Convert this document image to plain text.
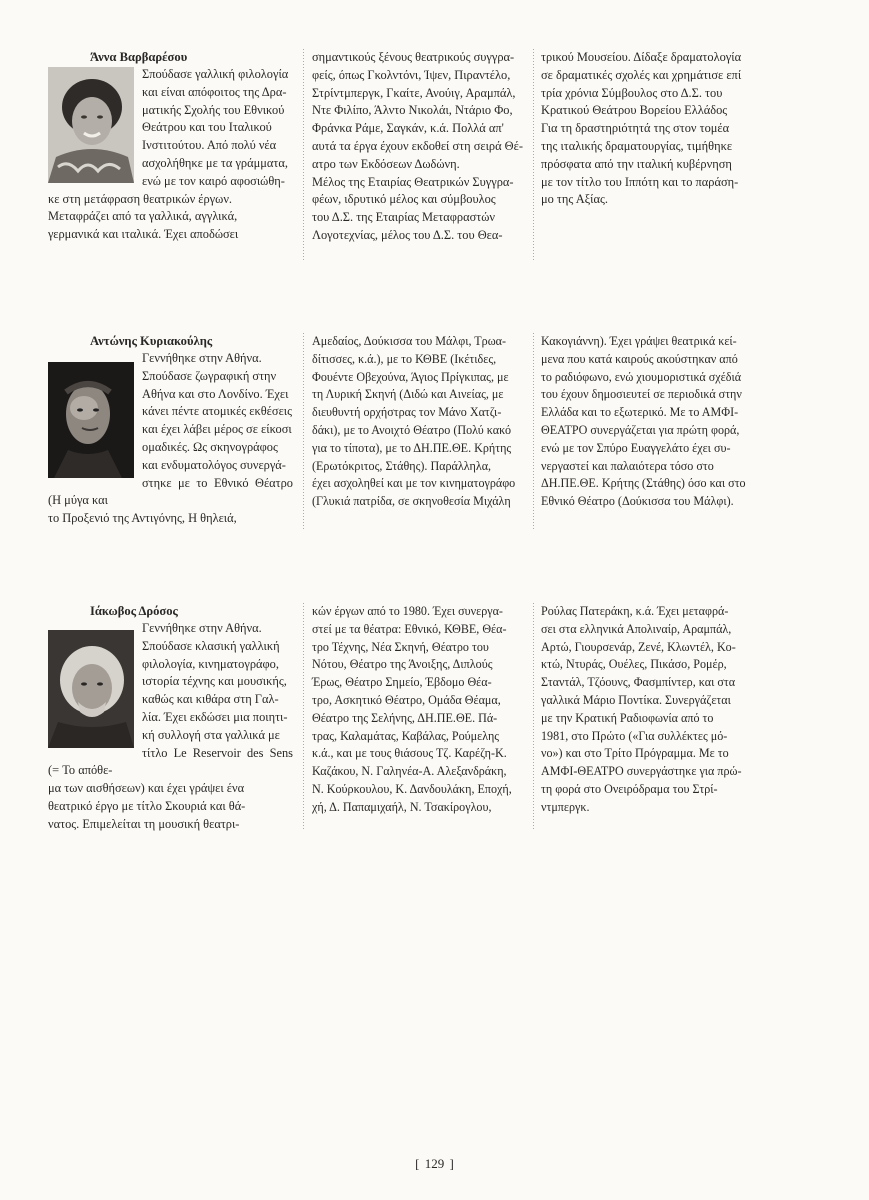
Άννα Βαρβαρέσου

Σπούδασε γαλλική φιλολογία

και είναι απόφοιτος της Δρα-

ματικής Σχολής του Εθνικού

Θεάτρου και του Ιταλικού

Ινστιτούτου. Από πολύ νέα

ασχολήθηκε με τα γράμματα,

ενώ με τον καιρό αφοσιώθη-

κε στη μετάφραση θεατρικών έργων.

Μεταφράζει από τα γαλλικά, αγγλικά,

γερμανικά και ιταλικά. Έχει αποδώσει

σημαντικούς ξένους θεατρικούς συγγρα-

φείς, όπως Γκολντόνι, Ίψεν, Πιραντέλο,

Στρίντμπεργκ, Γκαίτε, Ανούιγ, Αραμπάλ,

Ντε Φιλίπο, Άλντο Νικολάι, Ντάριο Φο,

Φράνκα Ράμε, Σαγκάν, κ.ά. Πολλά απ'

αυτά τα έργα έχουν εκδοθεί στη σειρά Θέ-

ατρο των Εκδόσεων Δωδώνη.

Μέλος της Εταιρίας Θεατρικών Συγγρα-

φέων, ιδρυτικό μέλος και σύμβουλος

του Δ.Σ. της Εταιρίας Μεταφραστών

Λογοτεχνίας, μέλος του Δ.Σ. του Θεα-

τρικού Μουσείου. Δίδαξε δραματολογία

σε δραματικές σχολές και χρημάτισε επί

τρία χρόνια Σύμβουλος στο Δ.Σ. του

Κρατικού Θεάτρου Βορείου Ελλάδος

Για τη δραστηριότητά της στον τομέα

της ιταλικής δραματουργίας, τιμήθηκε

πρόσφατα από την ιταλική κυβέρνηση

με τον τίτλο του Ιππότη και το παράση-

μο της Αξίας.

Αντώνης Κυριακούλης

Γεννήθηκε στην Αθήνα.

Σπούδασε ζωγραφική στην

Αθήνα και στο Λονδίνο. Έχει

κάνει πέντε ατομικές εκθέσεις

και έχει λάβει μέρος σε είκοσι

ομαδικές. Ως σκηνογράφος

και ενδυματολόγος συνεργά-

στηκε με το Εθνικό Θέατρο (Η μύγα και

το Προξενιό της Αντιγόνης, Η θηλειά,

Αμεδαίος, Δούκισσα του Μάλφι, Τρωα-

δίτισσες, κ.ά.), με το ΚΘΒΕ (Ικέτιδες,

Φουέντε Οβεχούνα, Άγιος Πρίγκιπας, με

τη Λυρική Σκηνή (Διδώ και Αινείας, με

διευθυντή ορχήστρας τον Μάνο Χατζι-

δάκι), με το Ανοιχτό Θέατρο (Πολύ κακό

για το τίποτα), με το ΔΗ.ΠΕ.ΘΕ. Κρήτης

(Ερωτόκριτος, Στάθης). Παράλληλα,

έχει ασχοληθεί και με τον κινηματογράφο

(Γλυκιά πατρίδα, σε σκηνοθεσία Μιχάλη

Κακογιάννη). Έχει γράψει θεατρικά κεί-

μενα που κατά καιρούς ακούστηκαν από

το ραδιόφωνο, ενώ χιουμοριστικά σχέδιά

του έχουν δημοσιευτεί σε περιοδικά στην

Ελλάδα και το εξωτερικό. Με το ΑΜΦΙ-

ΘΕΑΤΡΟ συνεργάζεται για πρώτη φορά,

ενώ με τον Σπύρο Ευαγγελάτο έχει συ-

νεργαστεί και παλαιότερα τόσο στο

ΔΗ.ΠΕ.ΘΕ. Κρήτης (Στάθης) όσο και στο

Εθνικό Θέατρο (Δούκισσα του Μάλφι).

Ιάκωβος Δρόσος

Γεννήθηκε στην Αθήνα.

Σπούδασε κλασική γαλλική

φιλολογία, κινηματογράφο,

ιστορία τέχνης και μουσικής,

καθώς και κιθάρα στη Γαλ-

λία. Έχει εκδώσει μια ποιητι-

κή συλλογή στα γαλλικά με

τίτλο Le Reservoir des Sens (= Το απόθε-

μα των αισθήσεων) και έχει γράψει ένα

θεατρικό έργο με τίτλο Σκουριά και θά-

νατος. Επιμελείται τη μουσική θεατρι-

κών έργων από το 1980. Έχει συνεργα-

στεί με τα θέατρα: Εθνικό, ΚΘΒΕ, Θέα-

τρο Τέχνης, Νέα Σκηνή, Θέατρο του

Νότου, Θέατρο της Άνοιξης, Διπλούς

Έρως, Θέατρο Σημείο, Έβδομο Θέα-

τρο, Ασκητικό Θέατρο, Ομάδα Θέαμα,

Θέατρο της Σελήνης, ΔΗ.ΠΕ.ΘΕ. Πά-

τρας, Καλαμάτας, Καβάλας, Ρούμελης

κ.ά., και με τους θιάσους Τζ. Καρέζη-Κ.

Καζάκου, Ν. Γαληνέα-Α. Αλεξανδράκη,

Ν. Κούρκουλου, Κ. Δανδουλάκη, Εποχή,

χή, Δ. Παπαμιχαήλ, Ν. Τσακίρογλου,

Ρούλας Πατεράκη, κ.ά. Έχει μεταφρά-

σει στα ελληνικά Απολιναίρ, Αραμπάλ,

Αρτώ, Γιουρσενάρ, Ζενέ, Κλωντέλ, Κο-

κτώ, Ντυράς, Ουέλες, Πικάσο, Ρομέρ,

Σταντάλ, Τζόουνς, Φασμπίντερ, και στα

γαλλικά Μάριο Ποντίκα. Συνεργάζεται

με την Κρατική Ραδιοφωνία από το

1981, στο Πρώτο («Για συλλέκτες μό-

νο») και στο Τρίτο Πρόγραμμα. Με το

ΑΜΦΙ-ΘΕΑΤΡΟ συνεργάστηκε για πρώ-

τη φορά στο Ονειρόδραμα του Στρί-

ντμπεργκ.

[ 129 ]
